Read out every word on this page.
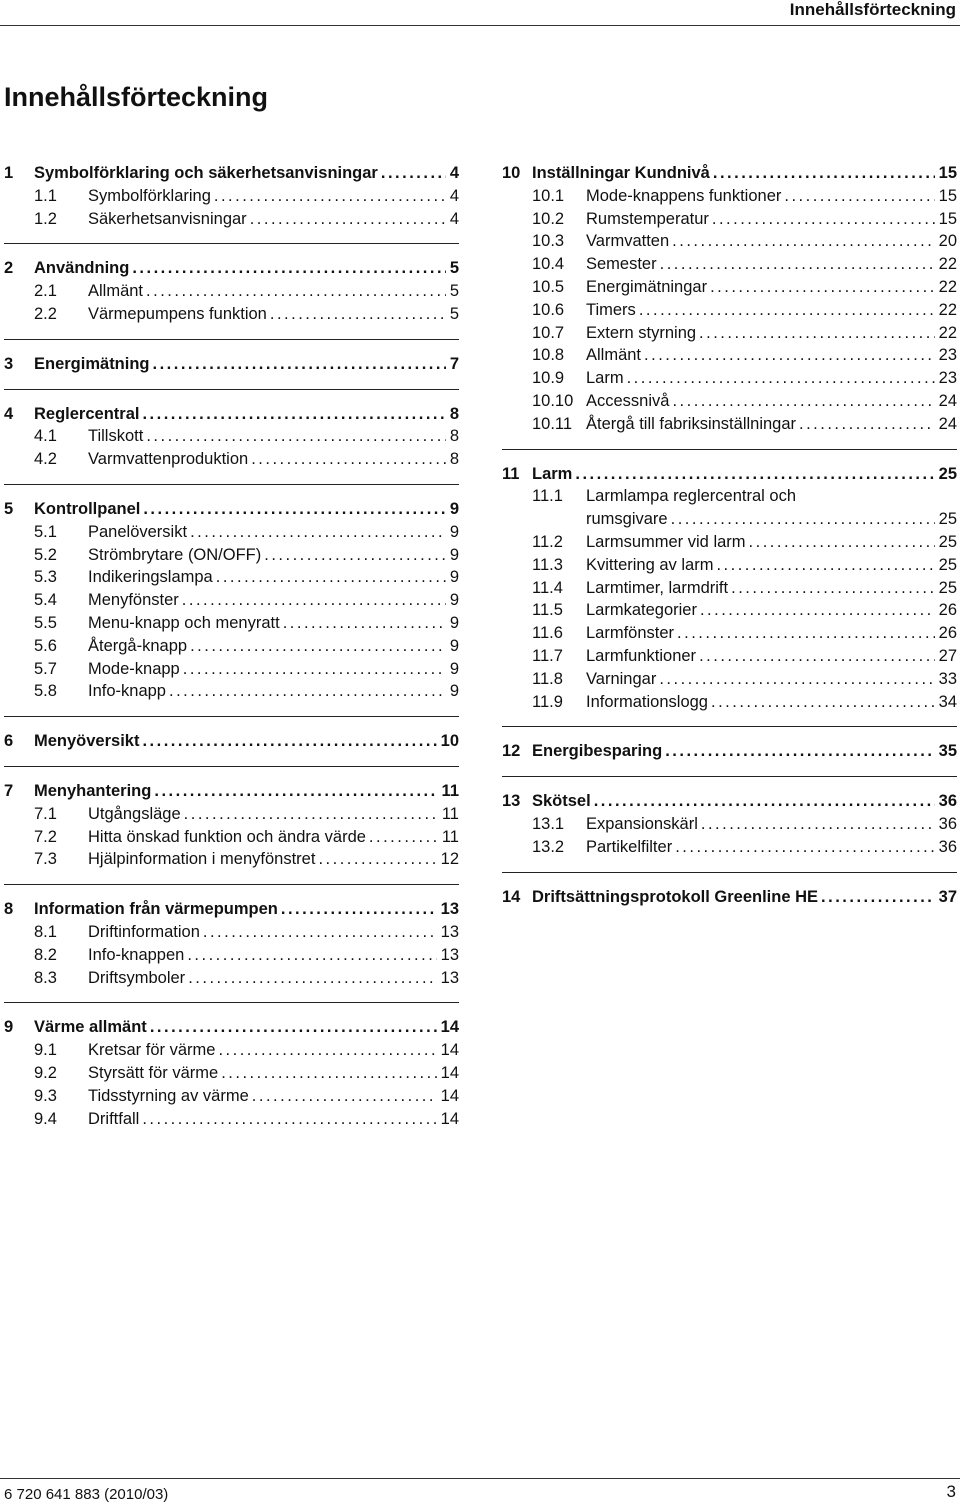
Innehållsförteckning
Innehållsförteckning
1	Symbolförklaring och säkerhetsanvisningar .....	4
1.1	Symbolförklaring .....	4
1.2	Säkerhetsanvisningar .....	4
2	Användning .....	5
2.1	Allmänt .....	5
2.2	Värmepumpens funktion .....	5
3	Energimätning .....	7
4	Reglercentral .....	8
4.1	Tillskott .....	8
4.2	Varmvattenproduktion .....	8
5	Kontrollpanel .....	9
5.1	Panelöversikt .....	9
5.2	Strömbrytare (ON/OFF) .....	9
5.3	Indikeringslampa .....	9
5.4	Menyfönster .....	9
5.5	Menu-knapp och menyratt .....	9
5.6	Återgå-knapp .....	9
5.7	Mode-knapp .....	9
5.8	Info-knapp .....	9
6	Menyöversikt .....	10
7	Menyhantering .....	11
7.1	Utgångsläge .....	11
7.2	Hitta önskad funktion och ändra värde .....	11
7.3	Hjälpinformation i menyfönstret .....	12
8	Information från värmepumpen .....	13
8.1	Driftinformation .....	13
8.2	Info-knappen .....	13
8.3	Driftsymboler .....	13
9	Värme allmänt .....	14
9.1	Kretsar för värme .....	14
9.2	Styrsätt för värme .....	14
9.3	Tidsstyrning av värme .....	14
9.4	Driftfall .....	14
10 Inställningar Kundnivå .....	15
10.1	Mode-knappens funktioner .....	15
10.2	Rumstemperatur .....	15
10.3	Varmvatten .....	20
10.4	Semester .....	22
10.5	Energimätningar .....	22
10.6	Timers .....	22
10.7	Extern styrning .....	22
10.8	Allmänt .....	23
10.9	Larm .....	23
10.10 Accessnivå .....	24
10.11 Återgå till fabriksinställningar .....	24
11 Larm .....	25
11.1	Larmlampa reglercentral och
rumsgivare .....	25
11.2	Larmsummer vid larm .....	25
11.3	Kvittering av larm .....	25
11.4	Larmtimer, larmdrift .....	25
11.5	Larmkategorier .....	26
11.6	Larmfönster .....	26
11.7	Larmfunktioner .....	27
11.8	Varningar .....	33
11.9	Informationslogg .....	34
12 Energibesparing .....	35
13 Skötsel .....	36
13.1	Expansionskärl .....	36
13.2	Partikelfilter .....	36
14 Driftsättningsprotokoll Greenline HE .....	37
6 720 641 883 (2010/03)	3
